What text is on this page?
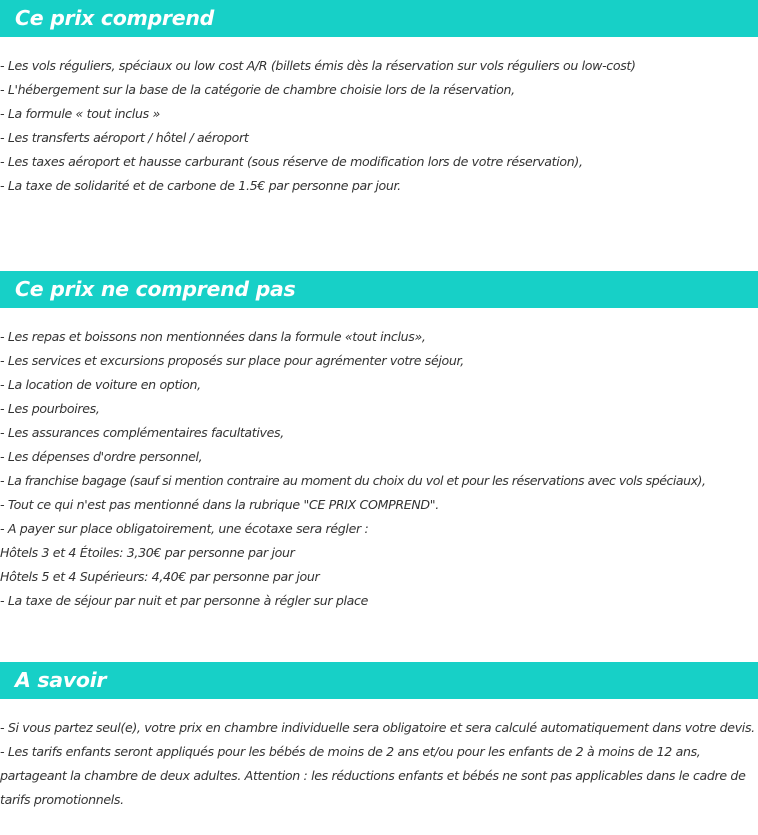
Ce prix comprend
- Les vols réguliers, spéciaux ou low cost A/R (billets émis dès la réservation sur vols réguliers ou low-cost)
- L'hébergement sur la base de la catégorie de chambre choisie lors de la réservation,
- La formule « tout inclus »
- Les transferts aéroport / hôtel / aéroport
- Les taxes aéroport et hausse carburant (sous réserve de modification lors de votre réservation),
- La taxe de solidarité et de carbone de 1.5€ par personne par jour.
Ce prix ne comprend pas
- Les repas et boissons non mentionnées dans la formule «tout inclus»,
- Les services et excursions proposés sur place pour agrémenter votre séjour,
- La location de voiture en option,
- Les pourboires,
- Les assurances complémentaires facultatives,
- Les dépenses d'ordre personnel,
- La franchise bagage (sauf si mention contraire au moment du choix du vol et pour les réservations avec vols spéciaux),
- Tout ce qui n'est pas mentionné dans la rubrique "CE PRIX COMPREND".
- A payer sur place obligatoirement, une écotaxe sera régler :
Hôtels 3 et 4 Étoiles: 3,30€ par personne par jour
Hôtels 5 et 4 Supérieurs: 4,40€ par personne par jour
- La taxe de séjour par nuit et par personne à régler sur place
A savoir
- Si vous partez seul(e), votre prix en chambre individuelle sera obligatoire et sera calculé automatiquement dans votre devis.
- Les tarifs enfants seront appliqués pour les bébés de moins de 2 ans et/ou pour les enfants de 2 à moins de 12 ans, partageant la chambre de deux adultes. Attention : les réductions enfants et bébés ne sont pas applicables dans le cadre de tarifs promotionnels.
